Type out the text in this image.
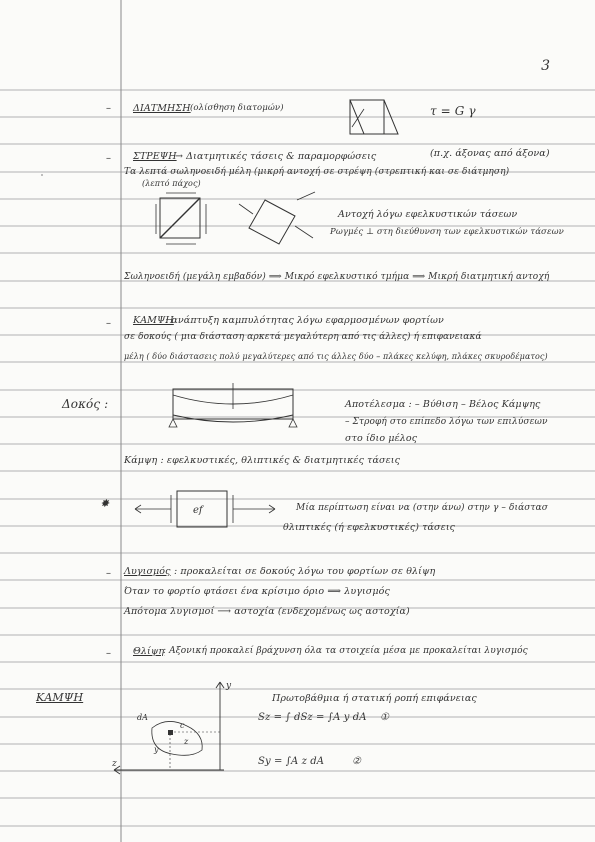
3
– ΔΙΑΤΜΗΣΗ (ολίσθηση διατομών)	τ = G γ
– ΣΤΡΕΨΗ
→ Διατμητικές τάσεις & παραμορφώσεις	(π.χ. άξονας από άξονα)
Τα λεπτά σωληνοειδή μέλη (μικρή αντοχή σε στρέψη (στρεπτική και σε διάτμηση)
(λεπτό πάχος)
Αντοχή λόγω εφελκυστικών τάσεων
Ρωγμές ⊥ στη διεύθυνση των εφελκυστικών τάσεων
Σωληνοειδή (μεγάλη εμβαδόν) ⟹ Μικρό εφελκυστικό τμήμα ⟹ Μικρή διατμητική αντοχή
– ΚΑΜΨΗ
: ανάπτυξη καμπυλότητας λόγω εφαρμοσμένων φορτίων
σε δοκούς ( μια διάσταση αρκετά μεγαλύτερη από τις άλλες) ή επιφανειακά
μέλη ( δύο διάστασεις πολύ μεγαλύτερες από τις άλλες δύο – πλάκες κελύφη, πλάκες σκυροδέματος)
Δοκός :	Αποτέλεσμα : – Βύθιση – Βέλος Κάμψης
– Στροφή στο επίπεδο λόγω των επιλύσεων
στο ίδιο μέλος
Κάμψη : εφελκυστικές, θλιπτικές & διατμητικές τάσεις
✸
ef	Μία περίπτωση είναι να (στην άνω) στην γ – διάστασ
θλιπτικές (ή εφελκυστικές) τάσεις
– Λυγισμός : προκαλείται σε δοκούς λόγω του φορτίων σε θλίψη
Όταν το φορτίο φτάσει ένα κρίσιμο όριο ⟹ λυγισμός
Απότομα λυγισμοί ⟶ αστοχία (ενδεχομένως ως αστοχία)
– Θλίψη
: Αξονική προκαλεί βράχυνση όλα τα στοιχεία μέσα με προκαλείται λυγισμός
ΚΑΜΨΗ
dA
y
c
z
y
z
Πρωτοβάθμια ή στατική ροπή επιφάνειας
Sz = ∫ dSz = ∫A y dA ①
Sy = ∫A z dA	②
